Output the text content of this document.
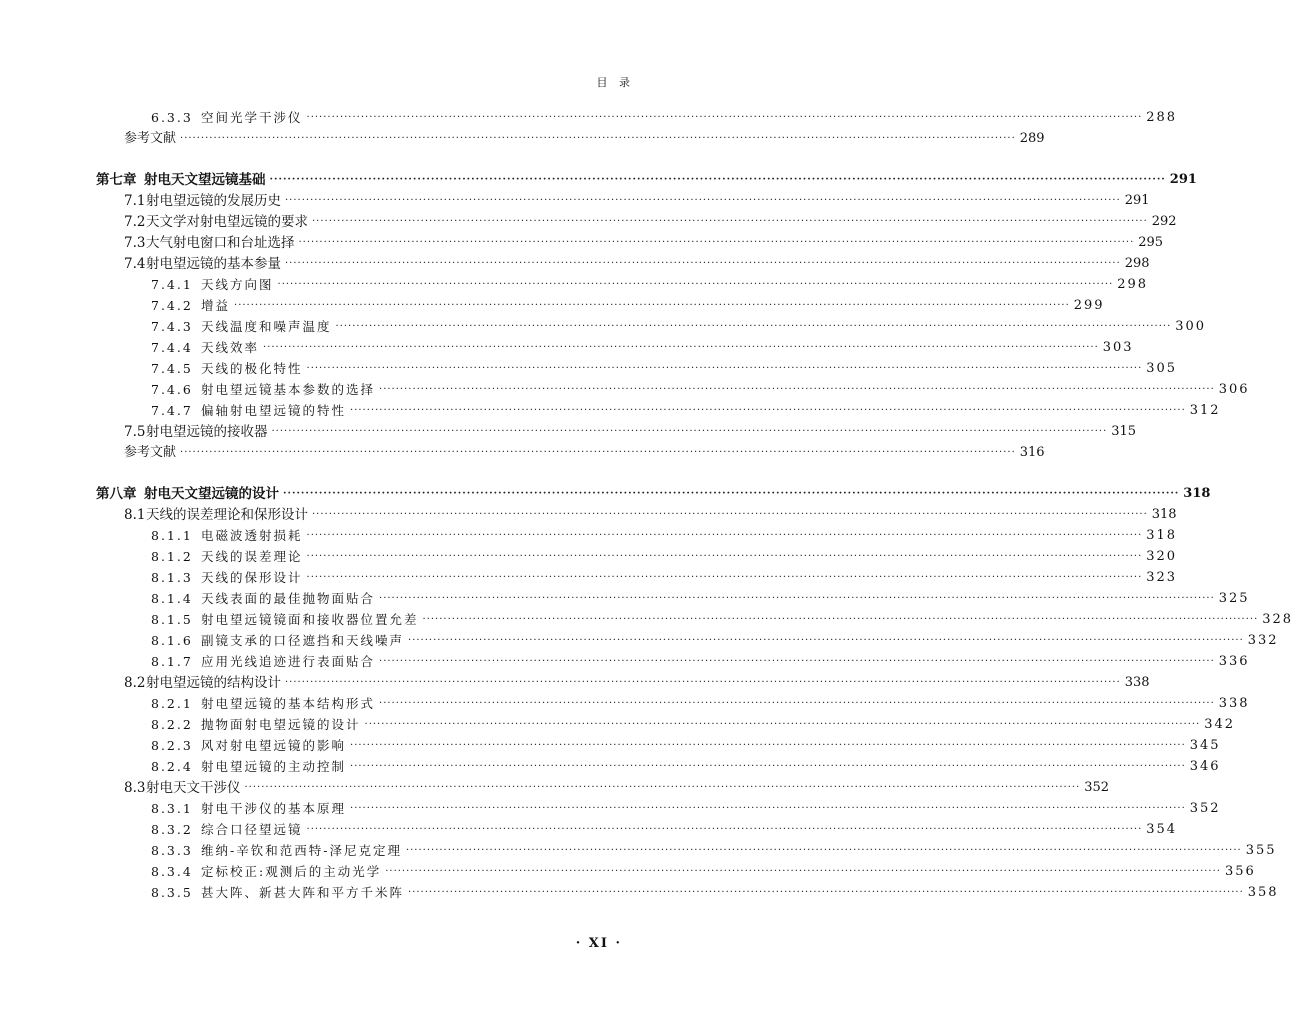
目 录
6.3.3 空间光学干涉仪 ········································································································································································································ 288
参考文献 ········································································································································································································ 289
第七章 射电天文望远镜基础 ········································································································································································································ 291
7.1 射电望远镜的发展历史 ········································································································································································································ 291
7.2 天文学对射电望远镜的要求 ········································································································································································································ 292
7.3 大气射电窗口和台址选择 ········································································································································································································ 295
7.4 射电望远镜的基本参量 ········································································································································································································ 298
7.4.1 天线方向图 ········································································································································································································ 298
7.4.2 增益 ········································································································································································································ 299
7.4.3 天线温度和噪声温度 ········································································································································································································ 300
7.4.4 天线效率 ········································································································································································································ 303
7.4.5 天线的极化特性 ········································································································································································································ 305
7.4.6 射电望远镜基本参数的选择 ········································································································································································································ 306
7.4.7 偏轴射电望远镜的特性 ········································································································································································································ 312
7.5 射电望远镜的接收器 ········································································································································································································ 315
参考文献 ········································································································································································································ 316
第八章 射电天文望远镜的设计 ········································································································································································································ 318
8.1 天线的误差理论和保形设计 ········································································································································································································ 318
8.1.1 电磁波透射损耗 ········································································································································································································ 318
8.1.2 天线的误差理论 ········································································································································································································ 320
8.1.3 天线的保形设计 ········································································································································································································ 323
8.1.4 天线表面的最佳抛物面贴合 ········································································································································································································ 325
8.1.5 射电望远镜镜面和接收器位置允差 ········································································································································································································ 328
8.1.6 副镜支承的口径遮挡和天线噪声 ········································································································································································································ 332
8.1.7 应用光线追迹进行表面贴合 ········································································································································································································ 336
8.2 射电望远镜的结构设计 ········································································································································································································ 338
8.2.1 射电望远镜的基本结构形式 ········································································································································································································ 338
8.2.2 抛物面射电望远镜的设计 ········································································································································································································ 342
8.2.3 风对射电望远镜的影响 ········································································································································································································ 345
8.2.4 射电望远镜的主动控制 ········································································································································································································ 346
8.3 射电天文干涉仪 ········································································································································································································ 352
8.3.1 射电干涉仪的基本原理 ········································································································································································································ 352
8.3.2 综合口径望远镜 ········································································································································································································ 354
8.3.3 维纳-辛钦和范西特-泽尼克定理 ········································································································································································································ 355
8.3.4 定标校正:观测后的主动光学 ········································································································································································································ 356
8.3.5 甚大阵、新甚大阵和平方千米阵 ········································································································································································································ 358
· XI ·
